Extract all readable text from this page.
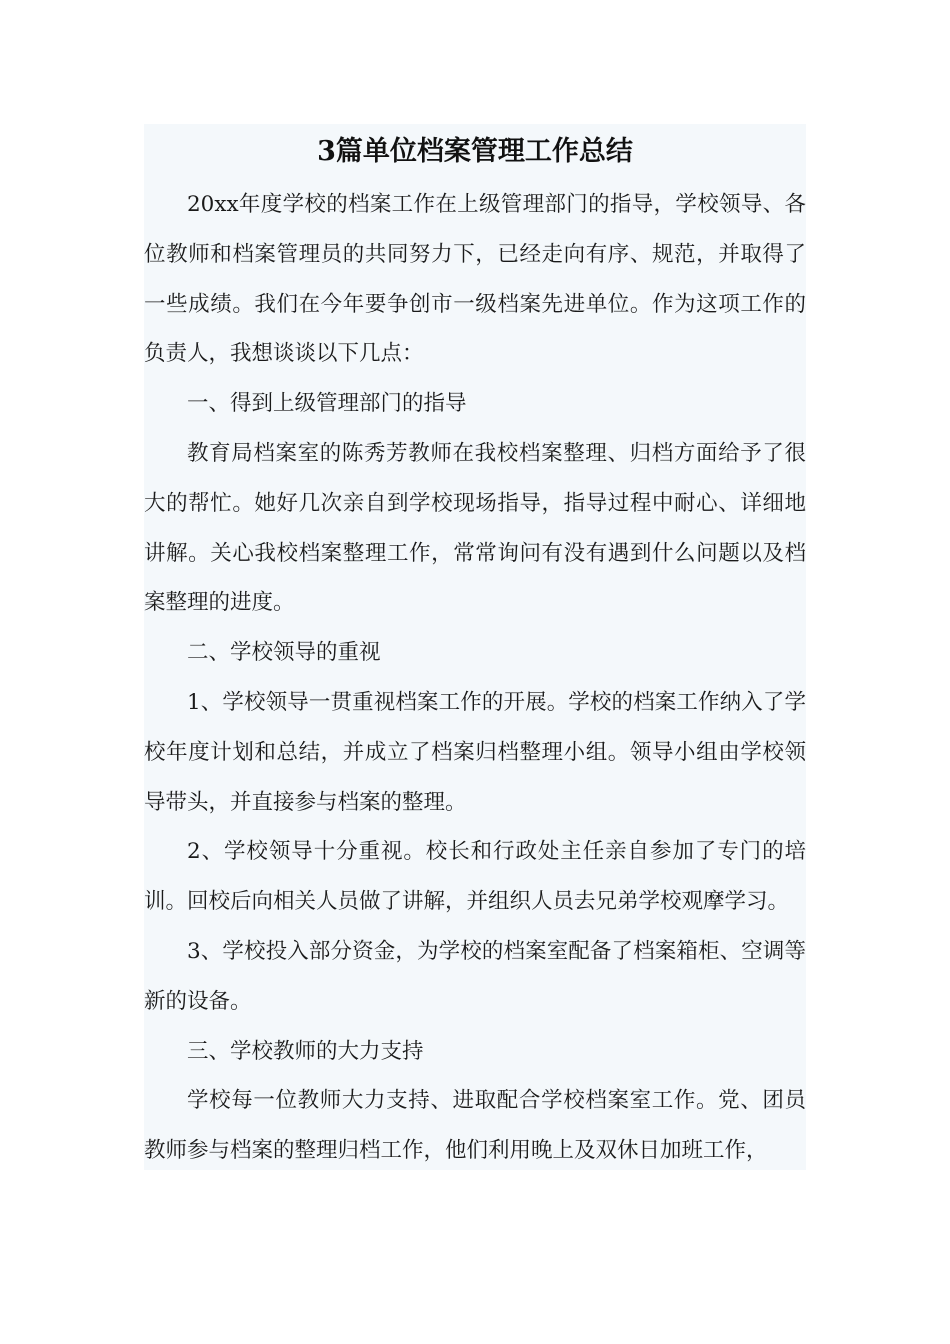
3篇单位档案管理工作总结

20xx年度学校的档案工作在上级管理部门的指导，学校领导、各位教师和档案管理员的共同努力下，已经走向有序、规范，并取得了一些成绩。我们在今年要争创市一级档案先进单位。作为这项工作的负责人，我想谈谈以下几点：

一、得到上级管理部门的指导

教育局档案室的陈秀芳教师在我校档案整理、归档方面给予了很大的帮忙。她好几次亲自到学校现场指导，指导过程中耐心、详细地讲解。关心我校档案整理工作，常常询问有没有遇到什么问题以及档案整理的进度。

二、学校领导的重视

1、学校领导一贯重视档案工作的开展。学校的档案工作纳入了学校年度计划和总结，并成立了档案归档整理小组。领导小组由学校领导带头，并直接参与档案的整理。

2、学校领导十分重视。校长和行政处主任亲自参加了专门的培训。回校后向相关人员做了讲解，并组织人员去兄弟学校观摩学习。

3、学校投入部分资金，为学校的档案室配备了档案箱柜、空调等新的设备。

三、学校教师的大力支持

学校每一位教师大力支持、进取配合学校档案室工作。党、团员教师参与档案的整理归档工作，他们利用晚上及双休日加班工作，
